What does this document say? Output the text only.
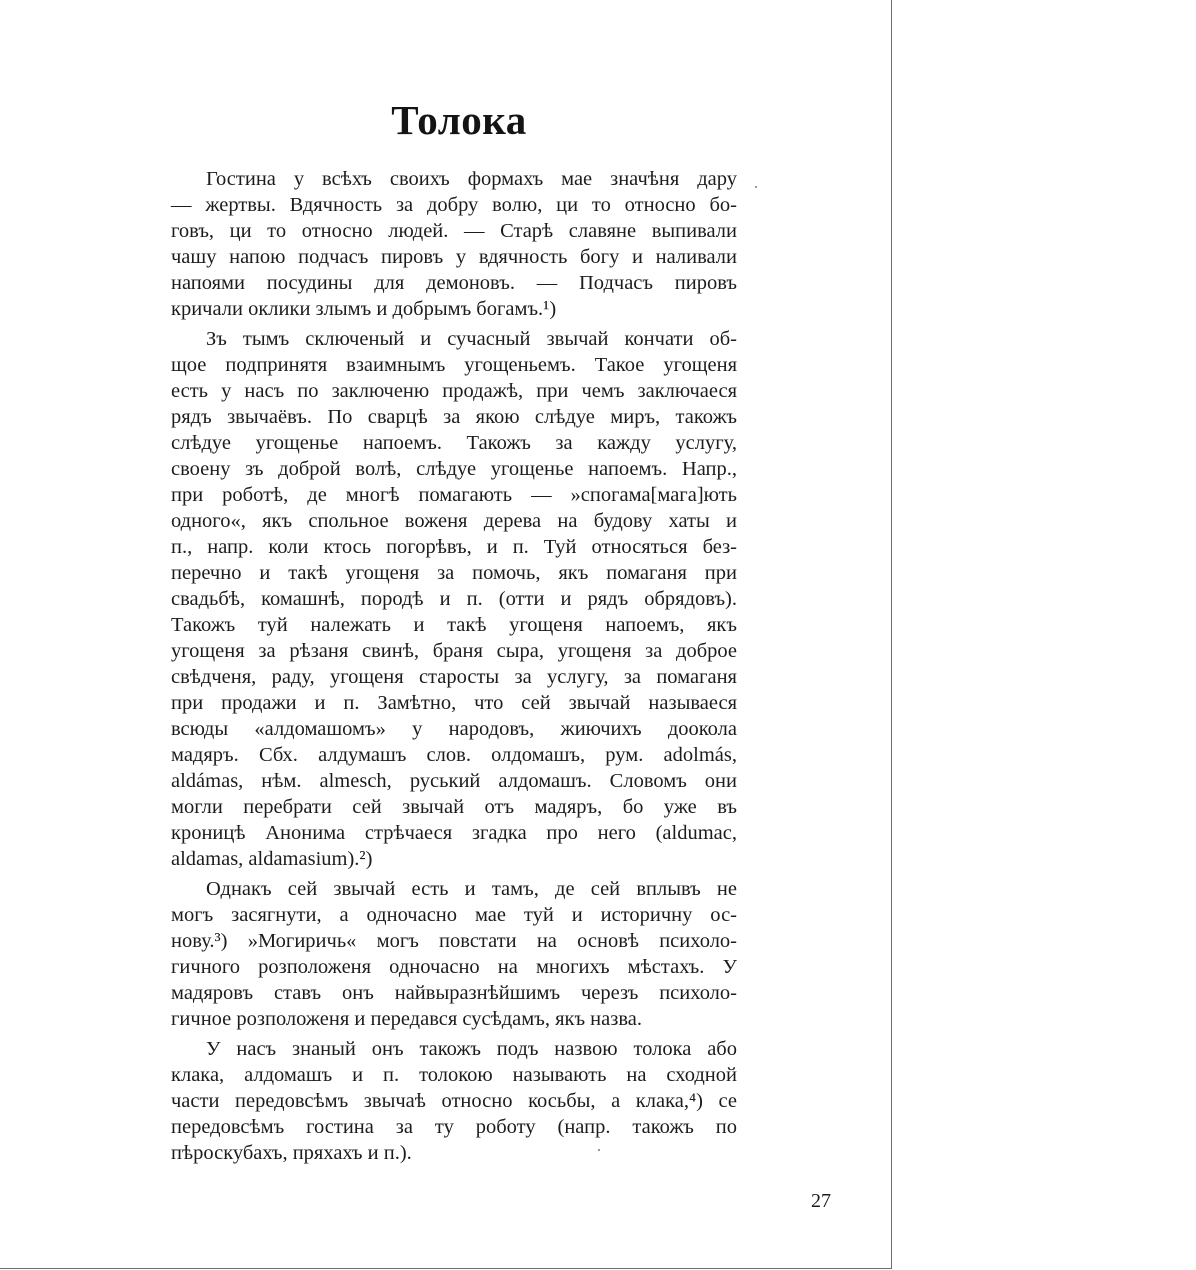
Толока
Гостина у всѣхъ своихъ формахъ мае значѣня дару
— жертвы. Вдячность за добру волю, ци то относно бо-
говъ, ци то относно людей. — Старѣ славяне выпивали
чашу напою подчасъ пировъ у вдячность богу и наливали
напоями посудины для демоновъ. — Подчасъ пировъ
кричали оклики злымъ и добрымъ богамъ.¹)
Зъ тымъ сключеный и сучасный звычай кончати об-
щое подпринятя взаимнымъ угощеньемъ. Такое угощеня
есть у насъ по заключеню продажѣ, при чемъ заключаеся
рядъ звычаёвъ. По сварцѣ за якою слѣдуе миръ, такожъ
слѣдуе угощенье напоемъ. Такожъ за кажду услугу,
своену зъ доброй волѣ, слѣдуе угощенье напоемъ. Напр.,
при роботѣ, де многѣ помагають — »спогама[мага]ють
одного«, якъ спольное воженя дерева на будову хаты и
п., напр. коли ктось погорѣвъ, и п. Туй относяться без-
перечно и такѣ угощеня за помочь, якъ помаганя при
свадьбѣ, комашнѣ, породѣ и п. (отти и рядъ обрядовъ).
Такожъ туй належать и такѣ угощеня напоемъ, якъ
угощеня за рѣзаня свинѣ, браня сыра, угощеня за доброе
свѣдченя, раду, угощеня старосты за услугу, за помаганя
при продажи и п. Замѣтно, что сей звычай называеся
всюды «алдомашомъ» у народовъ, жиючихъ доокола
мадяръ. Сбх. алдумашъ слов. олдомашъ, рум. adolmás,
aldámas, нѣм. almesch, руський алдомашъ. Словомъ они
могли перебрати сей звычай отъ мадяръ, бо уже въ
кроницѣ Анонима стрѣчаеся згадка про него (aldumac,
aldamas, aldamasium).²)
Однакъ сей звычай есть и тамъ, де сей вплывъ не
могъ засягнути, а одночасно мае туй и историчну ос-
нову.³) »Могиричь« могъ повстати на основѣ психоло-
гичного розположеня одночасно на многихъ мѣстахъ. У
мадяровъ ставъ онъ найвыразнѣйшимъ черезъ психоло-
гичное розположеня и передався сусѣдамъ, якъ назва.
У насъ знаный онъ такожъ подъ назвою толока або
клака, алдомашъ и п. толокою называють на сходной
части передовсѣмъ звычаѣ относно косьбы, а клака,⁴) се
передовсѣмъ гостина за ту роботу (напр. такожъ по
пѣроскубахъ, пряхахъ и п.).
27
